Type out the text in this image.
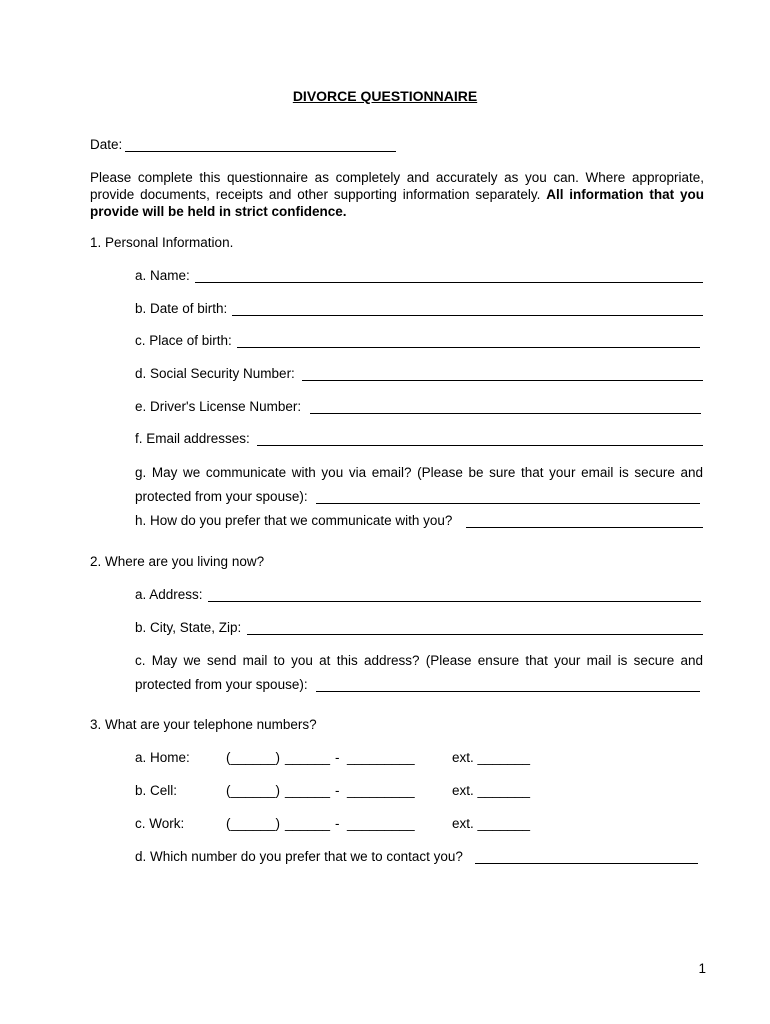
DIVORCE QUESTIONNAIRE
Date:
Please complete this questionnaire as completely and accurately as you can. Where appropriate, provide documents, receipts and other supporting information separately. All information that you provide will be held in strict confidence.
1. Personal Information.
a. Name:
b. Date of birth:
c. Place of birth:
d. Social Security Number:
e. Driver's License Number:
f. Email addresses:
g. May we communicate with you via email? (Please be sure that your email is secure and
protected from your spouse):
h. How do you prefer that we communicate with you?
2. Where are you living now?
a. Address:
b. City, State, Zip:
c. May we send mail to you at this address? (Please ensure that your mail is secure and
protected from your spouse):
3. What are your telephone numbers?
a. Home:	(______) ______ - _________	ext. _______
b. Cell:	(______) ______ - _________	ext. _______
c. Work:	(______) ______ - _________	ext. _______
d. Which number do you prefer that we to contact you?
1
